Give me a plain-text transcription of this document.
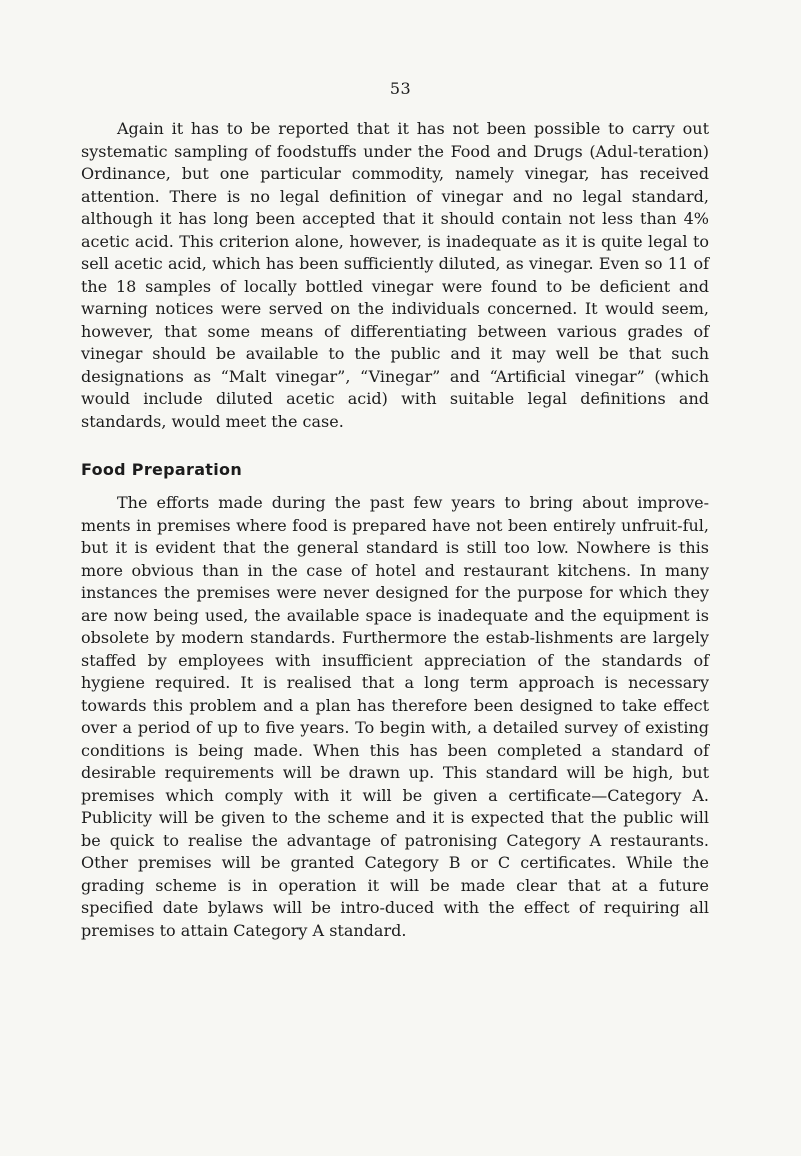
53

Again it has to be reported that it has not been possible to carry out systematic sampling of foodstuffs under the Food and Drugs (Adul-teration) Ordinance, but one particular commodity, namely vinegar, has received attention. There is no legal definition of vinegar and no legal standard, although it has long been accepted that it should contain not less than 4% acetic acid. This criterion alone, however, is inadequate as it is quite legal to sell acetic acid, which has been sufficiently diluted, as vinegar. Even so 11 of the 18 samples of locally bottled vinegar were found to be deficient and warning notices were served on the individuals concerned. It would seem, however, that some means of differentiating between various grades of vinegar should be available to the public and it may well be that such designations as “Malt vinegar”, “Vinegar” and “Artificial vinegar” (which would include diluted acetic acid) with suitable legal definitions and standards, would meet the case.

Food Preparation

The efforts made during the past few years to bring about improve-ments in premises where food is prepared have not been entirely unfruit-ful, but it is evident that the general standard is still too low. Nowhere is this more obvious than in the case of hotel and restaurant kitchens. In many instances the premises were never designed for the purpose for which they are now being used, the available space is inadequate and the equipment is obsolete by modern standards. Furthermore the estab-lishments are largely staffed by employees with insufficient appreciation of the standards of hygiene required. It is realised that a long term approach is necessary towards this problem and a plan has therefore been designed to take effect over a period of up to five years. To begin with, a detailed survey of existing conditions is being made. When this has been completed a standard of desirable requirements will be drawn up. This standard will be high, but premises which comply with it will be given a certificate—Category A. Publicity will be given to the scheme and it is expected that the public will be quick to realise the advantage of patronising Category A restaurants. Other premises will be granted Category B or C certificates. While the grading scheme is in operation it will be made clear that at a future specified date bylaws will be intro-duced with the effect of requiring all premises to attain Category A standard.
